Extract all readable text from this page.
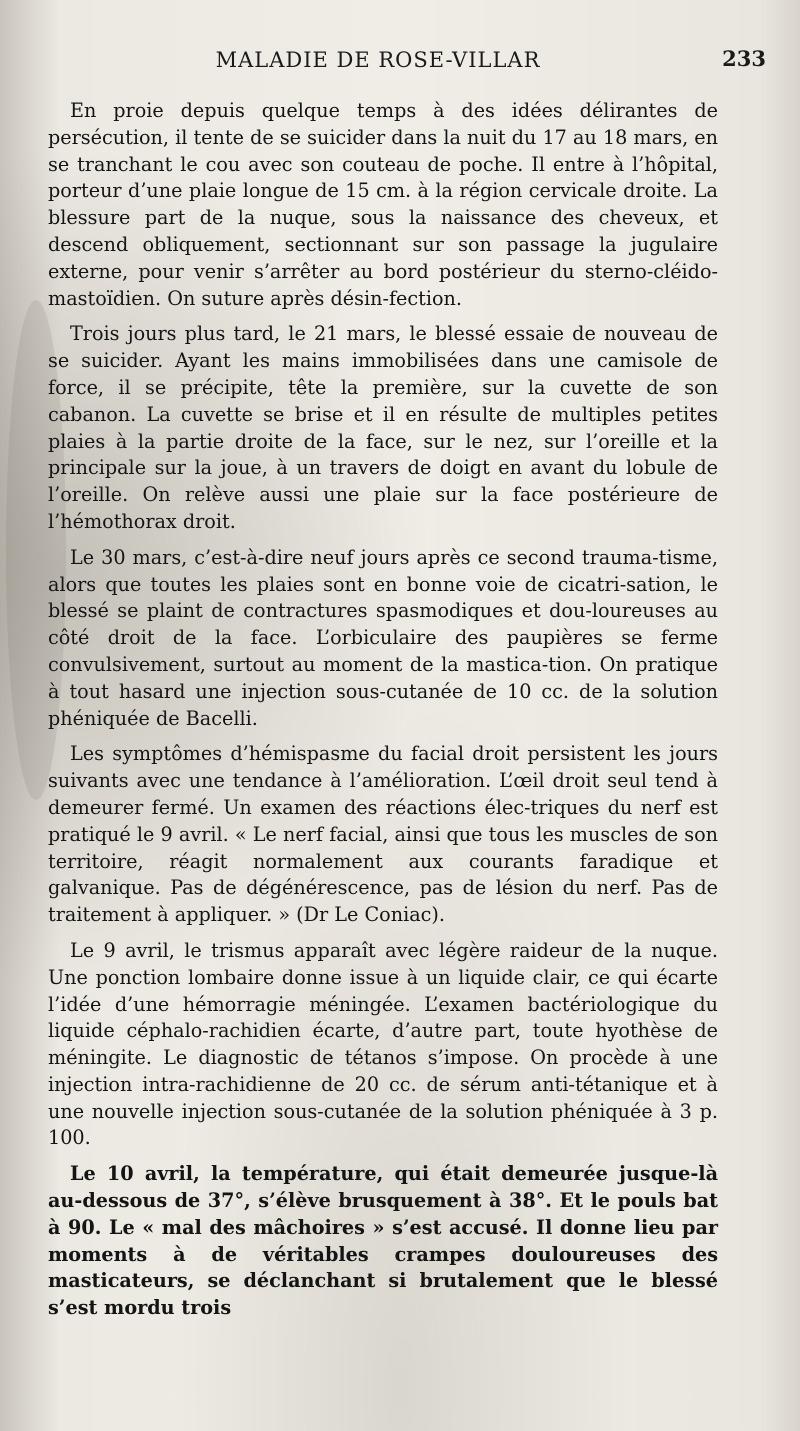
MALADIE DE ROSE-VILLAR	233

En proie depuis quelque temps à des idées délirantes de persécution, il tente de se suicider dans la nuit du 17 au 18 mars, en se tranchant le cou avec son couteau de poche. Il entre à l’hôpital, porteur d’une plaie longue de 15 cm. à la région cervicale droite. La blessure part de la nuque, sous la naissance des cheveux, et descend obliquement, sectionnant sur son passage la jugulaire externe, pour venir s’arrêter au bord postérieur du sterno-cléido-mastoïdien. On suture après désin-fection.

Trois jours plus tard, le 21 mars, le blessé essaie de nouveau de se suicider. Ayant les mains immobilisées dans une camisole de force, il se précipite, tête la première, sur la cuvette de son cabanon. La cuvette se brise et il en résulte de multiples petites plaies à la partie droite de la face, sur le nez, sur l’oreille et la principale sur la joue, à un travers de doigt en avant du lobule de l’oreille. On relève aussi une plaie sur la face postérieure de l’hémothorax droit.

Le 30 mars, c’est-à-dire neuf jours après ce second trauma-tisme, alors que toutes les plaies sont en bonne voie de cicatri-sation, le blessé se plaint de contractures spasmodiques et dou-loureuses au côté droit de la face. L’orbiculaire des paupières se ferme convulsivement, surtout au moment de la mastica-tion. On pratique à tout hasard une injection sous-cutanée de 10 cc. de la solution phéniquée de Bacelli.

Les symptômes d’hémispasme du facial droit persistent les jours suivants avec une tendance à l’amélioration. L’œil droit seul tend à demeurer fermé. Un examen des réactions élec-triques du nerf est pratiqué le 9 avril. « Le nerf facial, ainsi que tous les muscles de son territoire, réagit normalement aux courants faradique et galvanique. Pas de dégénérescence, pas de lésion du nerf. Pas de traitement à appliquer. » (Dr Le Coniac).

Le 9 avril, le trismus apparaît avec légère raideur de la nuque. Une ponction lombaire donne issue à un liquide clair, ce qui écarte l’idée d’une hémorragie méningée. L’examen bactériologique du liquide céphalo-rachidien écarte, d’autre part, toute hyothèse de méningite. Le diagnostic de tétanos s’impose. On procède à une injection intra-rachidienne de 20 cc. de sérum anti-tétanique et à une nouvelle injection sous-cutanée de la solution phéniquée à 3 p. 100.

Le 10 avril, la température, qui était demeurée jusque-là au-dessous de 37°, s’élève brusquement à 38°. Et le pouls bat à 90. Le « mal des mâchoires » s’est accusé. Il donne lieu par moments à de véritables crampes douloureuses des masticateurs, se déclanchant si brutalement que le blessé s’est mordu trois
